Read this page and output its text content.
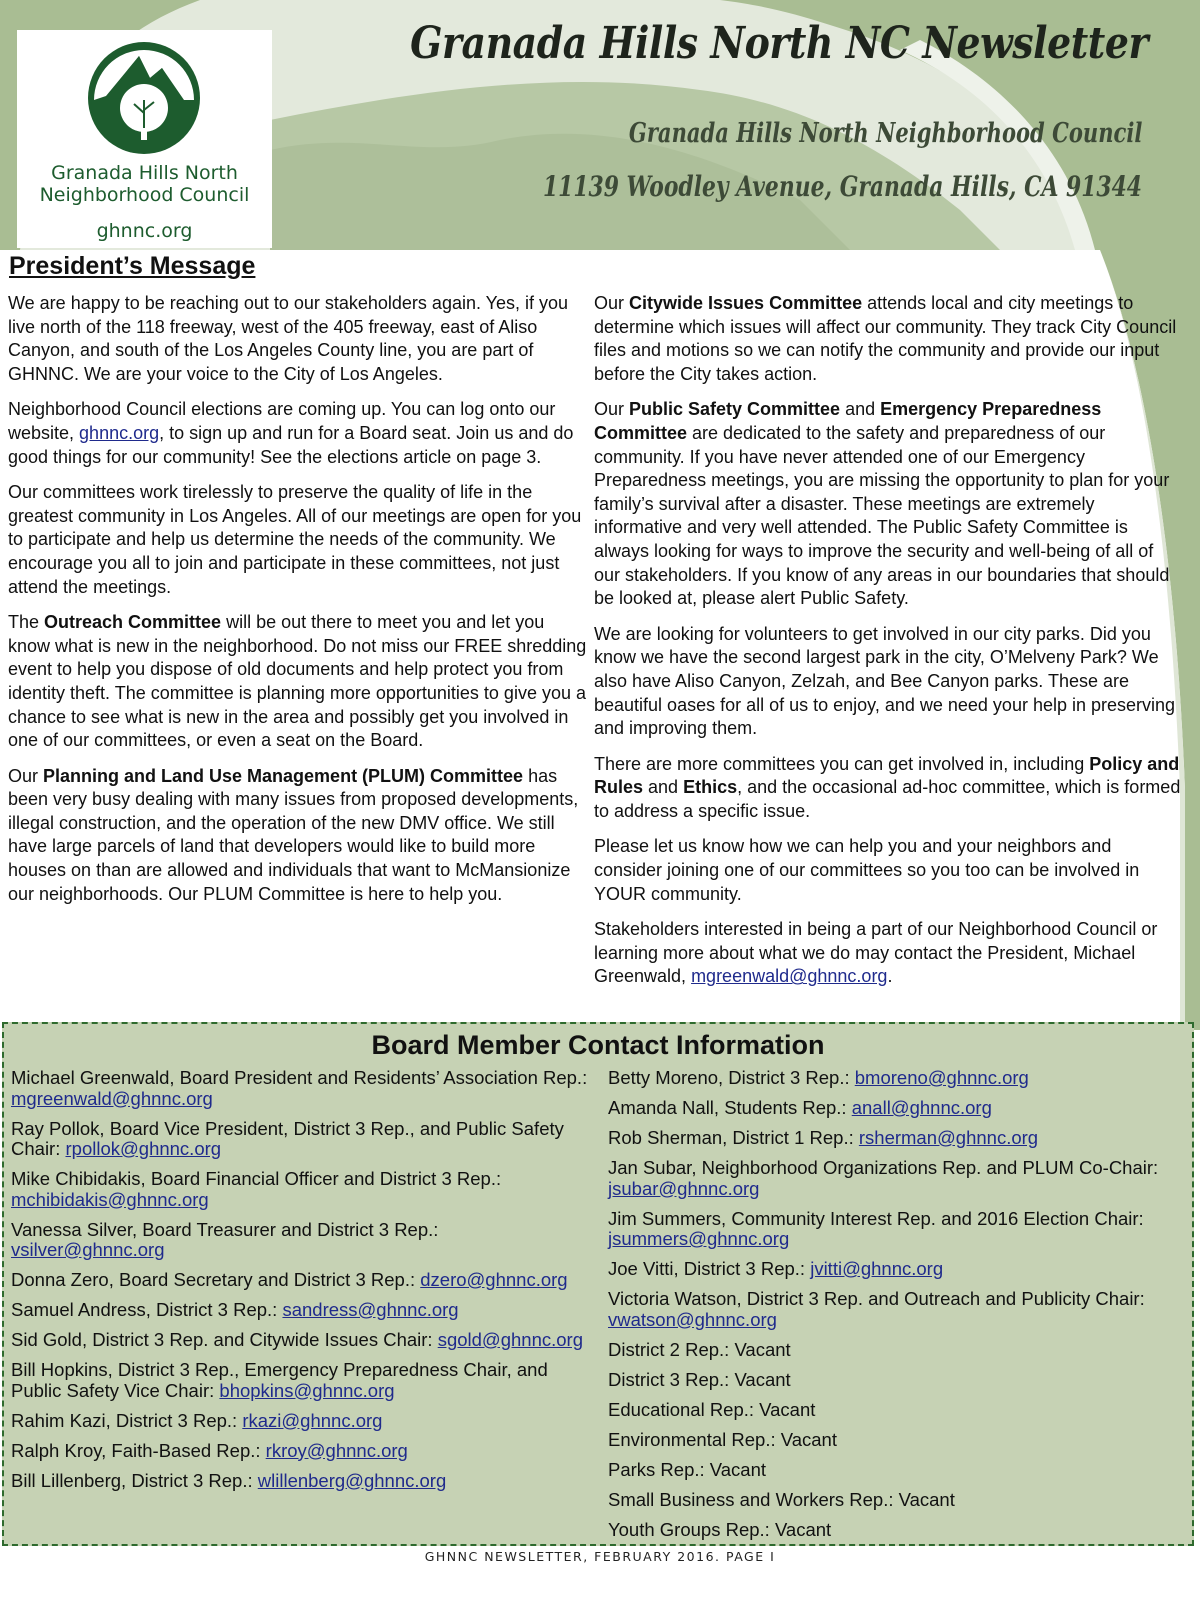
Granada Hills North
Neighborhood Council
ghnnc.org
Granada Hills North NC Newsletter
Granada Hills North Neighborhood Council
11139 Woodley Avenue, Granada Hills, CA 91344
President’s Message

We are happy to be reaching out to our stakeholders again. Yes, if you live north of the 118 freeway, west of the 405 freeway, east of Aliso Canyon, and south of the Los Angeles County line, you are part of GHNNC. We are your voice to the City of Los Angeles.

Neighborhood Council elections are coming up. You can log onto our website, ghnnc.org, to sign up and run for a Board seat. Join us and do good things for our community! See the elections article on page 3.

Our committees work tirelessly to preserve the quality of life in the greatest community in Los Angeles. All of our meetings are open for you to participate and help us determine the needs of the community. We encourage you all to join and participate in these committees, not just attend the meetings.

The Outreach Committee will be out there to meet you and let you know what is new in the neighborhood. Do not miss our FREE shredding event to help you dispose of old documents and help protect you from identity theft. The committee is planning more opportunities to give you a chance to see what is new in the area and possibly get you involved in one of our committees, or even a seat on the Board.

Our Planning and Land Use Management (PLUM) Committee has been very busy dealing with many issues from proposed developments, illegal construction, and the operation of the new DMV office. We still have large parcels of land that developers would like to build more houses on than are allowed and individuals that want to McMansionize our neighborhoods. Our PLUM Committee is here to help you.

Our Citywide Issues Committee attends local and city meetings to determine which issues will affect our community. They track City Council files and motions so we can notify the community and provide our input before the City takes action.

Our Public Safety Committee and Emergency Preparedness Committee are dedicated to the safety and preparedness of our community. If you have never attended one of our Emergency Preparedness meetings, you are missing the opportunity to plan for your family’s survival after a disaster. These meetings are extremely informative and very well attended. The Public Safety Committee is always looking for ways to improve the security and well-being of all of our stakeholders. If you know of any areas in our boundaries that should be looked at, please alert Public Safety.

We are looking for volunteers to get involved in our city parks. Did you know we have the second largest park in the city, O’Melveny Park? We also have Aliso Canyon, Zelzah, and Bee Canyon parks. These are beautiful oases for all of us to enjoy, and we need your help in preserving and improving them.

There are more committees you can get involved in, including Policy and Rules and Ethics, and the occasional ad-hoc committee, which is formed to address a specific issue.

Please let us know how we can help you and your neighbors and consider joining one of our committees so you too can be involved in YOUR community.

Stakeholders interested in being a part of our Neighborhood Council or learning more about what we do may contact the President, Michael Greenwald, mgreenwald@ghnnc.org.

Board Member Contact Information
Michael Greenwald, Board President and Residents’ Association Rep.: mgreenwald@ghnnc.org
Ray Pollok, Board Vice President, District 3 Rep., and Public Safety Chair: rpollok@ghnnc.org
Mike Chibidakis, Board Financial Officer and District 3 Rep.: mchibidakis@ghnnc.org
Vanessa Silver, Board Treasurer and District 3 Rep.: vsilver@ghnnc.org
Donna Zero, Board Secretary and District 3 Rep.: dzero@ghnnc.org
Samuel Andress, District 3 Rep.: sandress@ghnnc.org
Sid Gold, District 3 Rep. and Citywide Issues Chair: sgold@ghnnc.org
Bill Hopkins, District 3 Rep., Emergency Preparedness Chair, and Public Safety Vice Chair: bhopkins@ghnnc.org
Rahim Kazi, District 3 Rep.: rkazi@ghnnc.org
Ralph Kroy, Faith-Based Rep.: rkroy@ghnnc.org
Bill Lillenberg, District 3 Rep.: wlillenberg@ghnnc.org
Betty Moreno, District 3 Rep.: bmoreno@ghnnc.org
Amanda Nall, Students Rep.: anall@ghnnc.org
Rob Sherman, District 1 Rep.: rsherman@ghnnc.org
Jan Subar, Neighborhood Organizations Rep. and PLUM Co-Chair: jsubar@ghnnc.org
Jim Summers, Community Interest Rep. and 2016 Election Chair: jsummers@ghnnc.org
Joe Vitti, District 3 Rep.: jvitti@ghnnc.org
Victoria Watson, District 3 Rep. and Outreach and Publicity Chair: vwatson@ghnnc.org
District 2 Rep.: Vacant
District 3 Rep.: Vacant
Educational Rep.: Vacant
Environmental Rep.: Vacant
Parks Rep.: Vacant
Small Business and Workers Rep.: Vacant
Youth Groups Rep.: Vacant
GHNNC NEWSLETTER, FEBRUARY 2016. PAGE I
